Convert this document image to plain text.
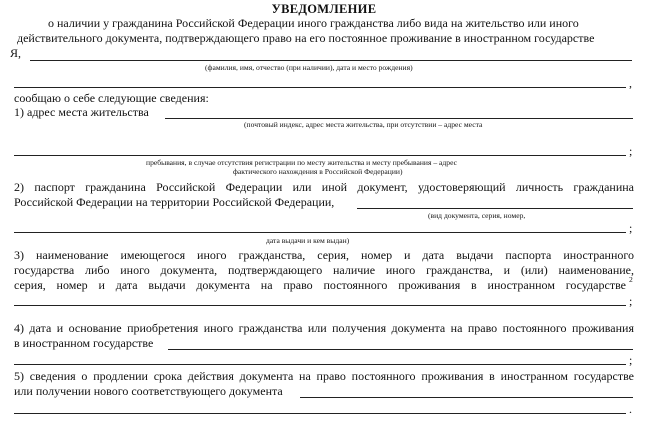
УВЕДОМЛЕНИЕ
о наличии у гражданина Российской Федерации иного гражданства либо вида на жительство или иного
действительного документа, подтверждающего право на его постоянное проживание в иностранном государстве
Я,
(фамилия, имя, отчество (при наличии), дата и место рождения)
,
сообщаю о себе следующие сведения:
1) адрес места жительства
(почтовый индекс, адрес места жительства, при отсутствии – адрес места
;
пребывания, в случае отсутствия регистрации по месту жительства и месту пребывания – адрес
фактического нахождения в Российской Федерации)
2) паспорт гражданина Российской Федерации или иной документ, удостоверяющий личность гражданина
Российской Федерации на территории Российской Федерации,
(вид документа, серия, номер,
;
дата выдачи и кем выдан)
3) наименование имеющегося иного гражданства, серия, номер и дата выдачи паспорта иностранного
государства либо иного документа, подтверждающего наличие иного гражданства, и (или) наименование,
серия, номер и дата выдачи документа на право постоянного проживания в иностранном государстве 2
;
4) дата и основание приобретения иного гражданства или получения документа на право постоянного проживания
в иностранном государстве
;
5) сведения о продлении срока действия документа на право постоянного проживания в иностранном государстве
или получении нового соответствующего документа
.
